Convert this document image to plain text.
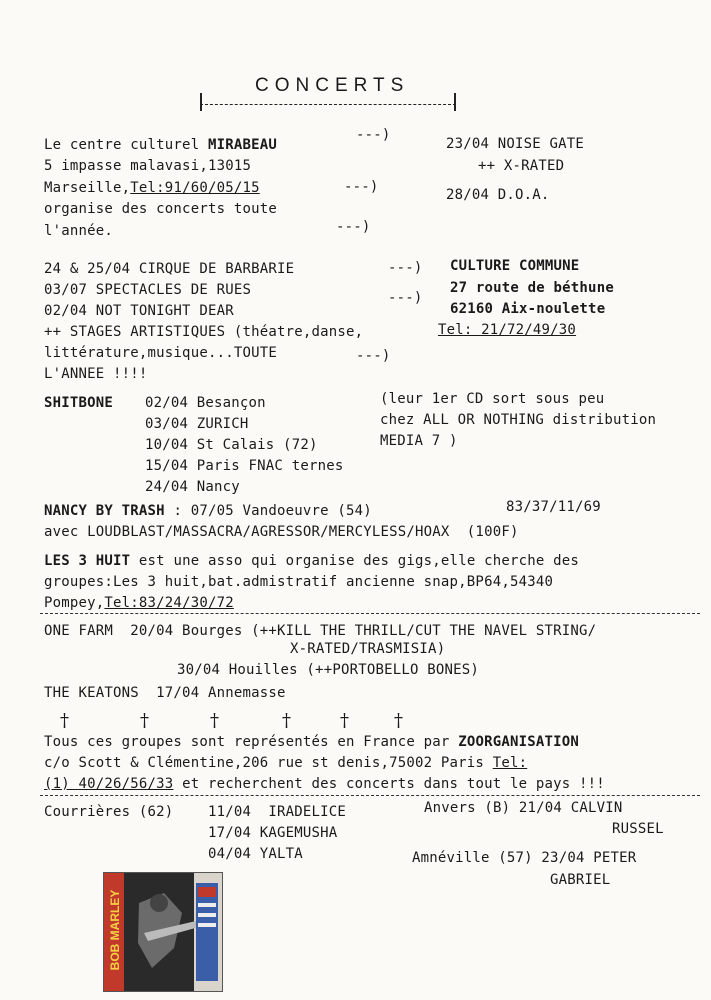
CONCERTS
Le centre culturel MIRABEAU
5 impasse malavasi,13015
Marseille,Tel:91/60/05/15
organise des concerts toute
l'année.
---)
---)
---)
23/04 NOISE GATE
++ X-RATED
28/04 D.O.A.
24 & 25/04 CIRQUE DE BARBARIE
03/07 SPECTACLES DE RUES
02/04 NOT TONIGHT DEAR
++ STAGES ARTISTIQUES (théatre,danse,
littérature,musique...TOUTE
L'ANNEE !!!!
---)
---)
---)
CULTURE COMMUNE
27 route de béthune
62160 Aix-noulette
Tel: 21/72/49/30
SHITBONE 02/04 Besançon
03/04 ZURICH
10/04 St Calais (72)
15/04 Paris FNAC ternes
24/04 Nancy
(leur 1er CD sort sous peu
chez ALL OR NOTHING distribution
MEDIA 7 )
NANCY BY TRASH : 07/05 Vandoeuvre (54)	83/37/11/69
avec LOUDBLAST/MASSACRA/AGRESSOR/MERCYLESS/HOAX  (100F)
LES 3 HUIT est une asso qui organise des gigs,elle cherche des
groupes:Les 3 huit,bat.admistratif ancienne snap,BP64,54340
Pompey,Tel:83/24/30/72
ONE FARM  20/04 Bourges (++KILL THE THRILL/CUT THE NAVEL STRING/
X-RATED/TRASMISIA)
30/04 Houilles (++PORTOBELLO BONES)
THE KEATONS  17/04 Annemasse
†	†	†	†	†	†
Tous ces groupes sont représentés en France par ZOORGANISATION
c/o Scott & Clémentine,206 rue st denis,75002 Paris Tel:
(1) 40/26/56/33 et recherchent des concerts dans tout le pays !!!
Courrières (62) 11/04  IRADELICE
17/04 KAGEMUSHA
04/04 YALTA
Anvers (B) 21/04 CALVIN
RUSSEL
Amnéville (57) 23/04 PETER
GABRIEL
BOB MARLEY
